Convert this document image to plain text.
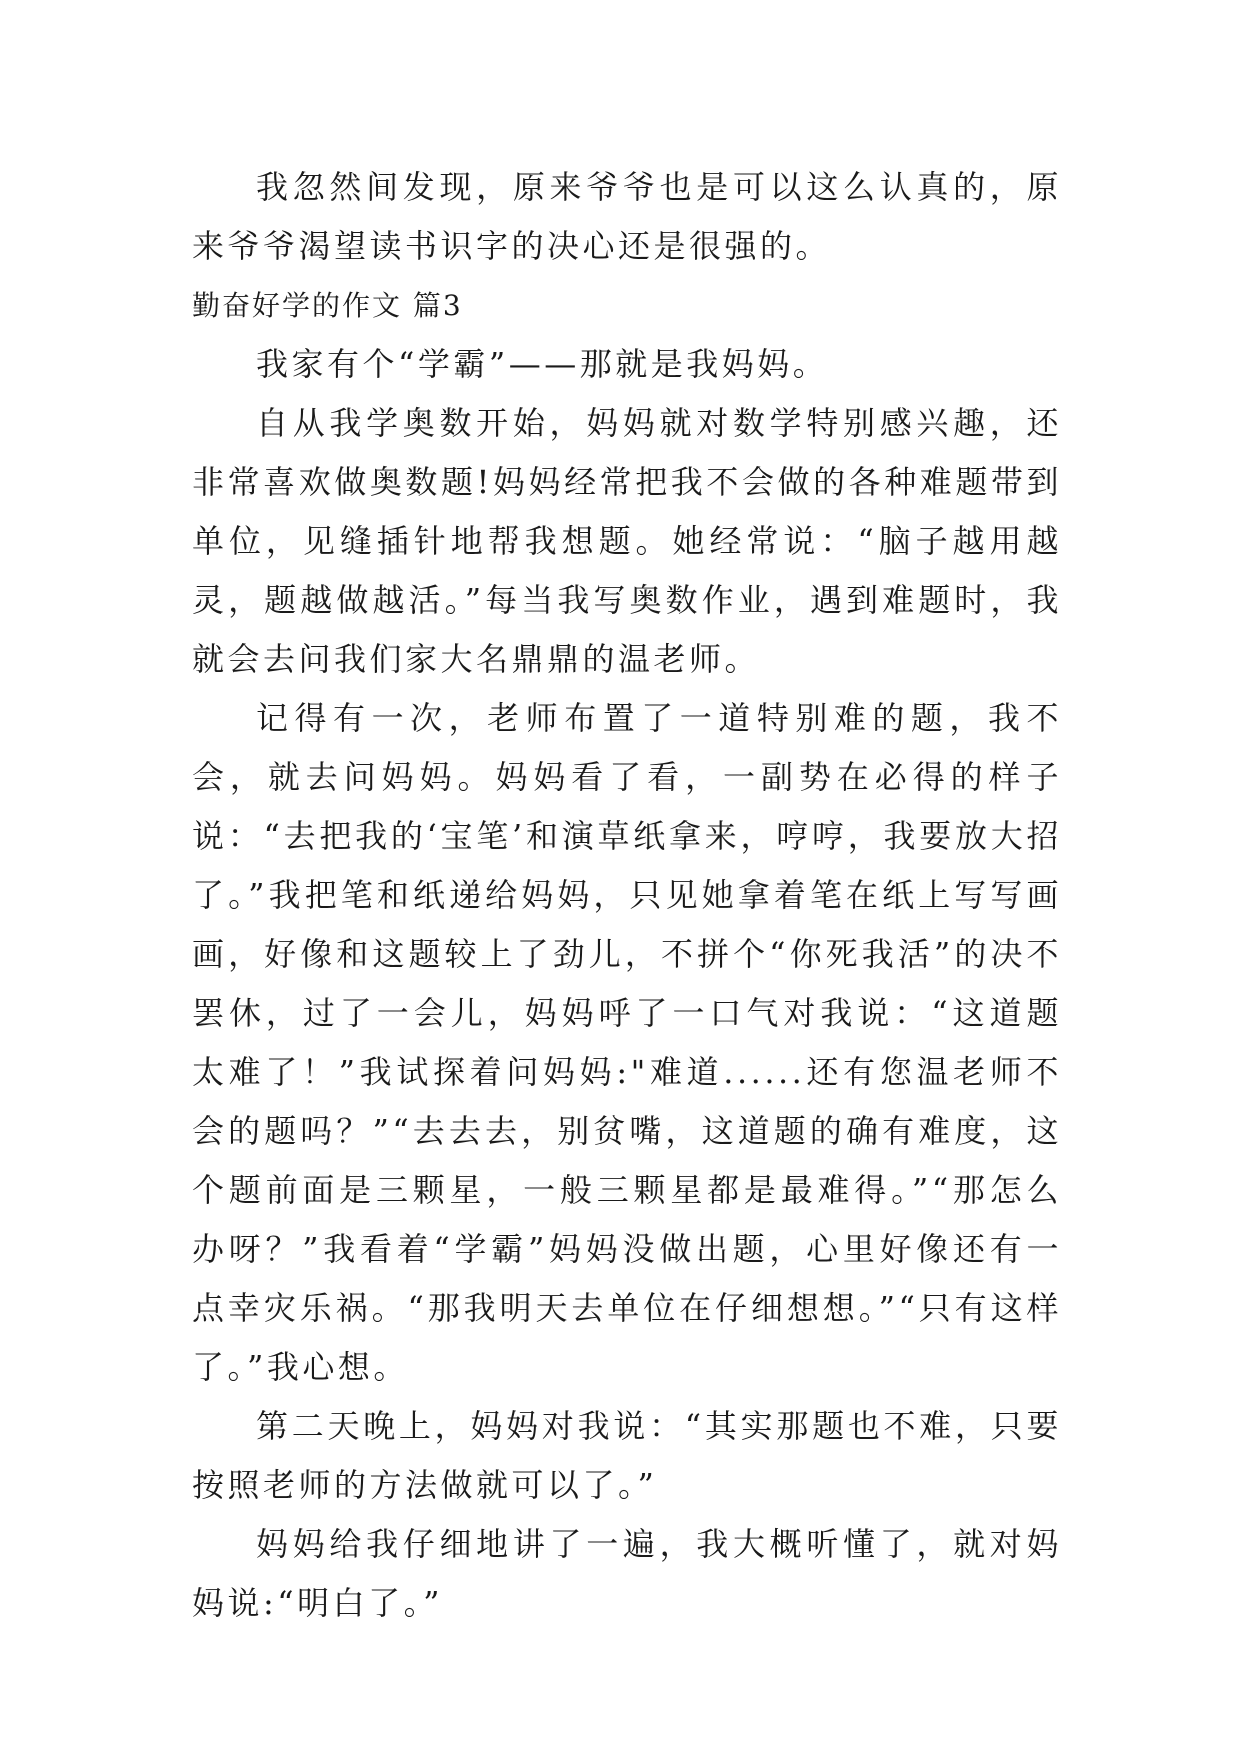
我忽然间发现，原来爷爷也是可以这么认真的，原来爷爷渴望读书识字的决心还是很强的。

勤奋好学的作文 篇3

我家有个“学霸”——那就是我妈妈。

自从我学奥数开始，妈妈就对数学特别感兴趣，还非常喜欢做奥数题!妈妈经常把我不会做的各种难题带到单位，见缝插针地帮我想题。她经常说：“脑子越用越灵，题越做越活。”每当我写奥数作业，遇到难题时，我就会去问我们家大名鼎鼎的温老师。

记得有一次，老师布置了一道特别难的题，我不会，就去问妈妈。妈妈看了看，一副势在必得的样子说：“去把我的‘宝笔’和演草纸拿来，哼哼，我要放大招了。”我把笔和纸递给妈妈，只见她拿着笔在纸上写写画画，好像和这题较上了劲儿，不拼个“你死我活”的决不罢休，过了一会儿，妈妈呼了一口气对我说：“这道题太难了！”我试探着问妈妈:"难道......还有您温老师不会的题吗？”“去去去，别贫嘴，这道题的确有难度，这个题前面是三颗星，一般三颗星都是最难得。”“那怎么办呀？”我看着“学霸”妈妈没做出题，心里好像还有一点幸灾乐祸。“那我明天去单位在仔细想想。”“只有这样了。”我心想。

第二天晚上，妈妈对我说：“其实那题也不难，只要按照老师的方法做就可以了。”

妈妈给我仔细地讲了一遍，我大概听懂了，就对妈妈说:“明白了。”
